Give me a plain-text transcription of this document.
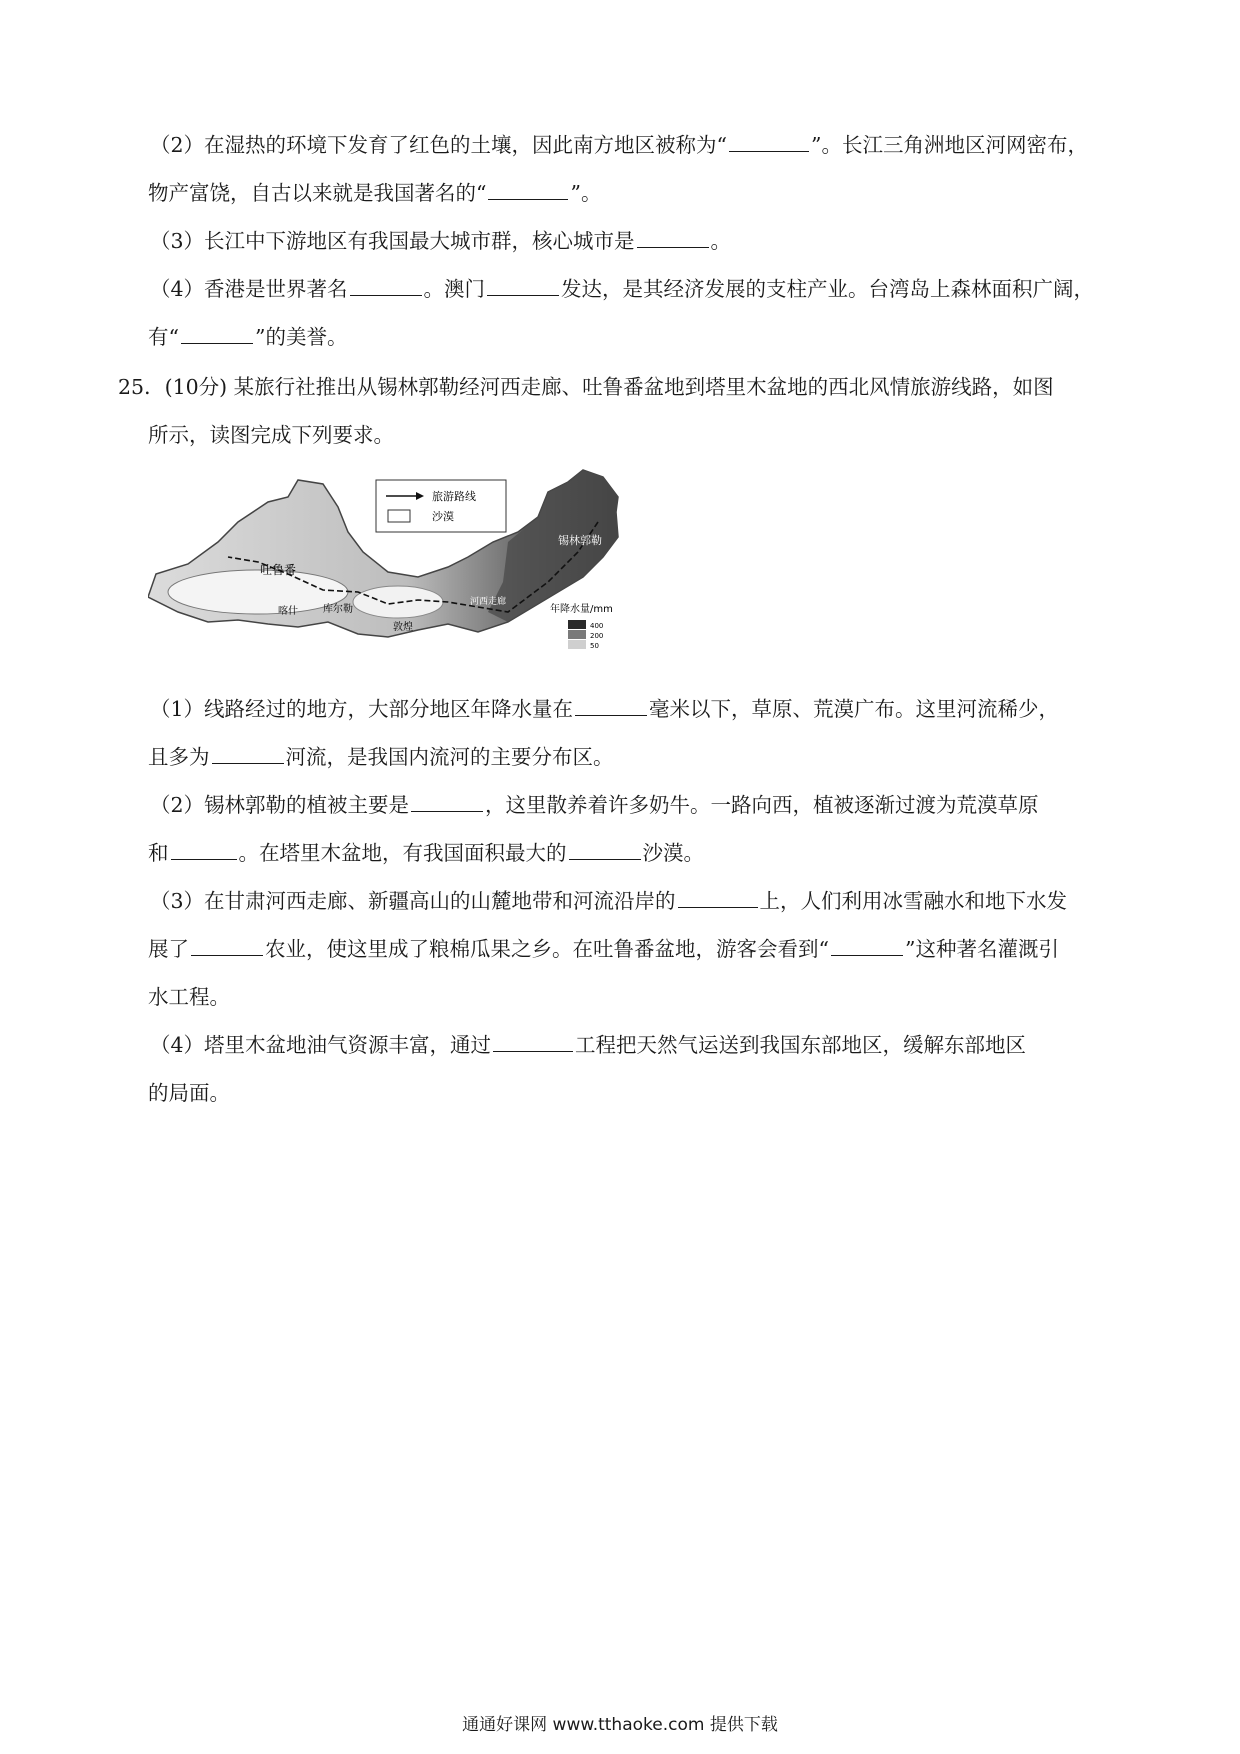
（2）在湿热的环境下发育了红色的土壤，因此南方地区被称为“	”。长江三角洲地区河网密布，
物产富饶，自古以来就是我国著名的“	”。
（3）长江中下游地区有我国最大城市群，核心城市是	。
（4）香港是世界著名	。澳门	发达，是其经济发展的支柱产业。台湾岛上森林面积广阔，
有“	”的美誉。
25．(10分) 某旅行社推出从锡林郭勒经河西走廊、吐鲁番盆地到塔里木盆地的西北风情旅游线路，如图
所示，读图完成下列要求。
旅游路线
沙漠
吐鲁番
喀什	库尔勒
敦煌
锡林郭勒
河西走廊
年降水量/mm
400
200
50
（1）线路经过的地方，大部分地区年降水量在	毫米以下，草原、荒漠广布。这里河流稀少，
且多为	河流，是我国内流河的主要分布区。
（2）锡林郭勒的植被主要是	，这里散养着许多奶牛。一路向西，植被逐渐过渡为荒漠草原
和	。在塔里木盆地，有我国面积最大的	沙漠。
（3）在甘肃河西走廊、新疆高山的山麓地带和河流沿岸的	上，人们利用冰雪融水和地下水发
展了	农业，使这里成了粮棉瓜果之乡。在吐鲁番盆地，游客会看到“	”这种著名灌溉引
水工程。
（4）塔里木盆地油气资源丰富，通过	工程把天然气运送到我国东部地区，缓解东部地区
的局面。
通通好课网 www.tthaoke.com 提供下载
